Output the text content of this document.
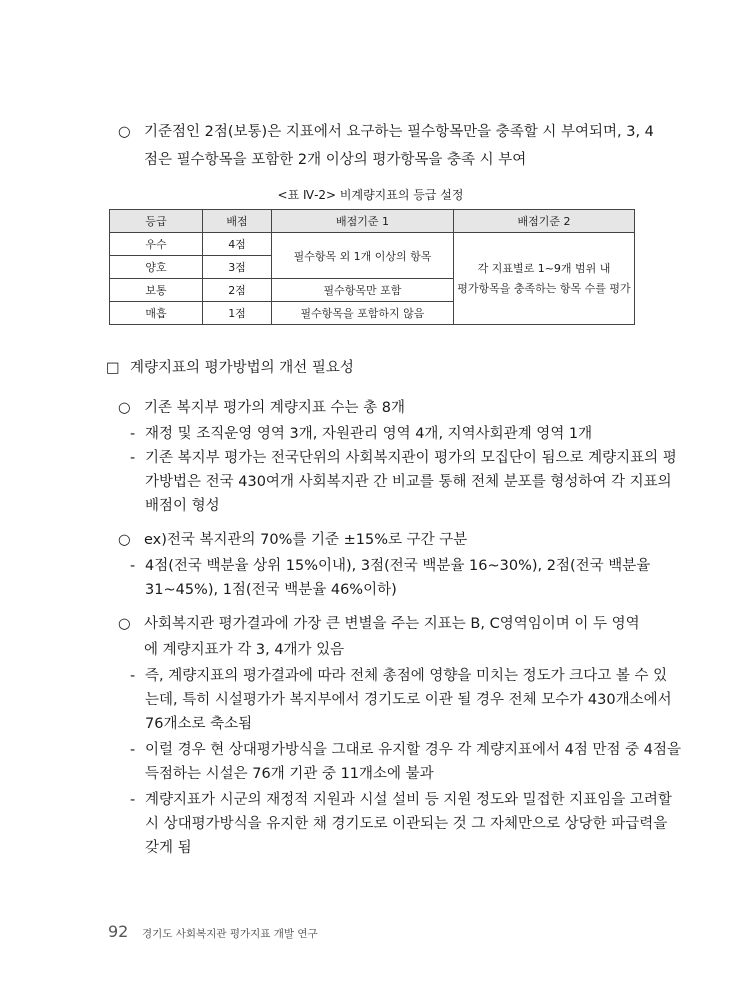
○ 기준점인 2점(보통)은 지표에서 요구하는 필수항목만을 충족할 시 부여되며, 3, 4
점은 필수항목을 포함한 2개 이상의 평가항목을 충족 시 부여
<표 Ⅳ-2> 비계량지표의 등급 설정
등급	배점	배점기준 1	배점기준 2
우수	4점	필수항목 외 1개 이상의 항목	각 지표별로 1~9개 범위 내
평가항목을 충족하는 항목 수를 평가

양호	3점		
보통	2점	필수항목만 포함	
매흡	1점	필수항목을 포함하지 않음	
□ 계량지표의 평가방법의 개선 필요성
○ 기존 복지부 평가의 계량지표 수는 총 8개
- 재정 및 조직운영 영역 3개, 자원관리 영역 4개, 지역사회관계 영역 1개
- 기존 복지부 평가는 전국단위의 사회복지관이 평가의 모집단이 됨으로 계량지표의 평
가방법은 전국 430여개 사회복지관 간 비교를 통해 전체 분포를 형성하여 각 지표의
배점이 형성
○ ex)전국 복지관의 70%를 기준 ±15%로 구간 구분
- 4점(전국 백분율 상위 15%이내), 3점(전국 백분율 16~30%), 2점(전국 백분율
31~45%), 1점(전국 백분율 46%이하)
○ 사회복지관 평가결과에 가장 큰 변별을 주는 지표는 B, C영역임이며 이 두 영역
에 계량지표가 각 3, 4개가 있음
- 즉, 계량지표의 평가결과에 따라 전체 총점에 영향을 미치는 정도가 크다고 볼 수 있
는데, 특히 시설평가가 복지부에서 경기도로 이관 될 경우 전체 모수가 430개소에서
76개소로 축소됨
- 이럴 경우 현 상대평가방식을 그대로 유지할 경우 각 계량지표에서 4점 만점 중 4점을
득점하는 시설은 76개 기관 중 11개소에 불과
- 계량지표가 시군의 재정적 지원과 시설 설비 등 지원 정도와 밀접한 지표임을 고려할
시 상대평가방식을 유지한 채 경기도로 이관되는 것 그 자체만으로 상당한 파급력을
갖게 됨
92 경기도 사회복지관 평가지표 개발 연구
